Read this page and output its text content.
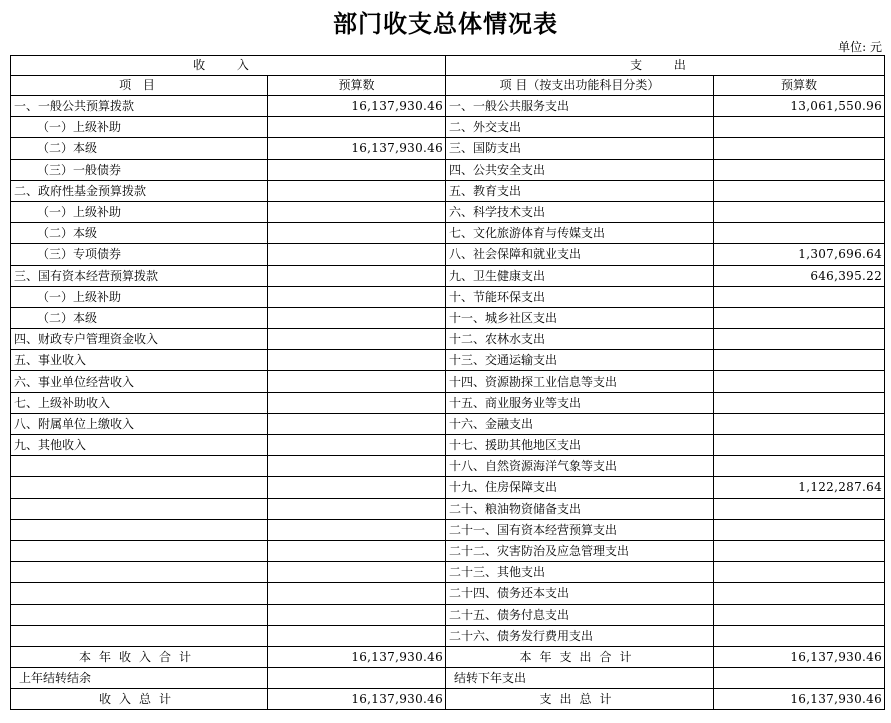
部门收支总体情况表
单位: 元
收 入		支 出	
项 目	预算数	项 目（按支出功能科目分类）	预算数
一、一般公共预算拨款	16,137,930.46	一、一般公共服务支出	13,061,550.96
（一）上级补助		二、外交支出	
（二）本级	16,137,930.46	三、国防支出	
（三）一般债券		四、公共安全支出	
二、政府性基金预算拨款		五、教育支出	
（一）上级补助		六、科学技术支出	
（二）本级		七、文化旅游体育与传媒支出	
（三）专项债券		八、社会保障和就业支出	1,307,696.64
三、国有资本经营预算拨款		九、卫生健康支出	646,395.22
（一）上级补助		十、节能环保支出	
（二）本级		十一、城乡社区支出	
四、财政专户管理资金收入		十二、农林水支出	
五、事业收入		十三、交通运输支出	
六、事业单位经营收入		十四、资源勘探工业信息等支出	
七、上级补助收入		十五、商业服务业等支出	
八、附属单位上缴收入		十六、金融支出	
九、其他收入		十七、援助其他地区支出	
		十八、自然资源海洋气象等支出	
		十九、住房保障支出	1,122,287.64
		二十、粮油物资储备支出	
		二十一、国有资本经营预算支出	
		二十二、灾害防治及应急管理支出	
		二十三、其他支出	
		二十四、债务还本支出	
		二十五、债务付息支出	
		二十六、债务发行费用支出	
本年收入合计	16,137,930.46	本年支出合计	16,137,930.46
上年结转结余		结转下年支出	
收入总计	16,137,930.46	支出总计	16,137,930.46
